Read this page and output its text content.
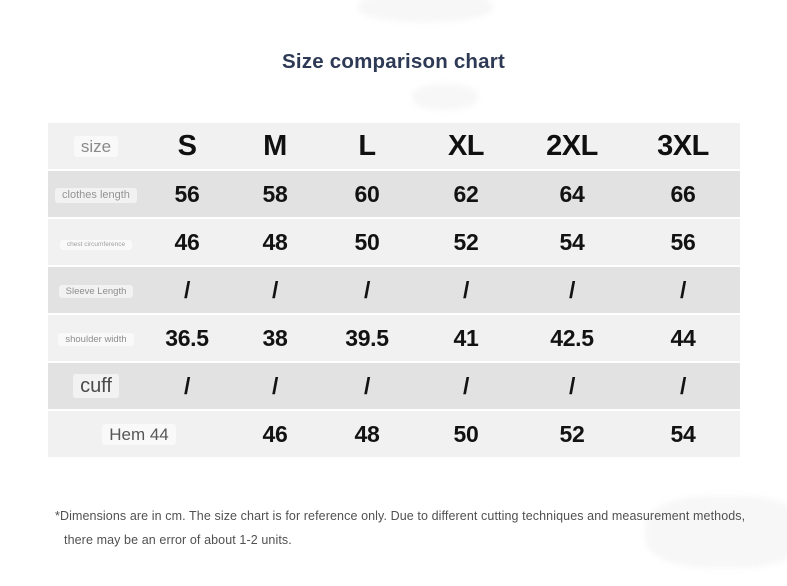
Size comparison chart
size	S	M	L	XL	2XL	3XL
clothes length	56	58	60	62	64	66
chest circumference	46	48	50	52	54	56
Sleeve Length	/	/	/	/	/	/
shoulder width	36.5	38	39.5	41	42.5	44
cuff	/	/	/	/	/	/
Hem 44	46	48	50	52	54
*Dimensions are in cm. The size chart is for reference only. Due to different cutting techniques and measurement methods,
there may be an error of about 1-2 units.
